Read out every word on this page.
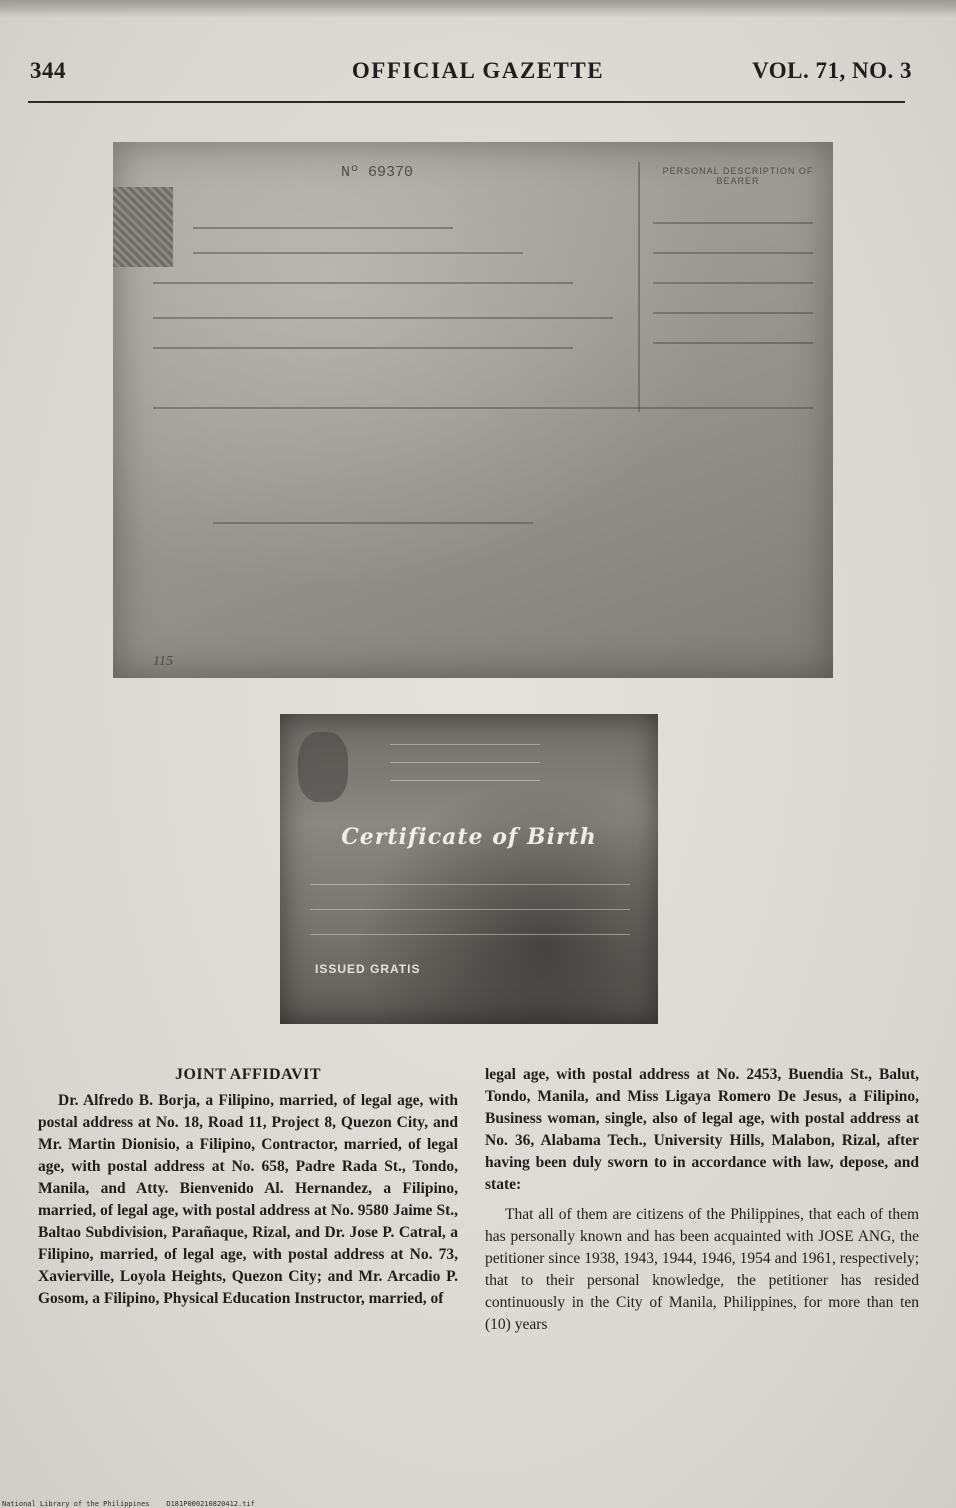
OFFICIAL GAZETTE
344	VOL. 71, NO. 3
Nº 69370	PERSONAL DESCRIPTION OF BEARER
115
Certificate of Birth
ISSUED GRATIS
JOINT AFFIDAVIT

Dr. Alfredo B. Borja, a Filipino, married, of legal age, with postal address at No. 18, Road 11, Project 8, Quezon City, and Mr. Martin Dionisio, a Filipino, Contractor, married, of legal age, with postal address at No. 658, Padre Rada St., Tondo, Manila, and Atty. Bienvenido Al. Hernandez, a Filipino, married, of legal age, with postal address at No. 9580 Jaime St., Baltao Subdivision, Parañaque, Rizal, and Dr. Jose P. Catral, a Filipino, married, of legal age, with postal address at No. 73, Xavierville, Loyola Heights, Quezon City; and Mr. Arcadio P. Gosom, a Filipino, Physical Education Instructor, married, of

legal age, with postal address at No. 2453, Buendia St., Balut, Tondo, Manila, and Miss Ligaya Romero De Jesus, a Filipino, Business woman, single, also of legal age, with postal address at No. 36, Alabama Tech., University Hills, Malabon, Rizal, after having been duly sworn to in accordance with law, depose, and state:

That all of them are citizens of the Philippines, that each of them has personally known and has been acquainted with JOSE ANG, the petitioner since 1938, 1943, 1944, 1946, 1954 and 1961, respectively; that to their personal knowledge, the petitioner has resided continuously in the City of Manila, Philippines, for more than ten (10) years

National Library of the Philippines D181P000210820412.tif
